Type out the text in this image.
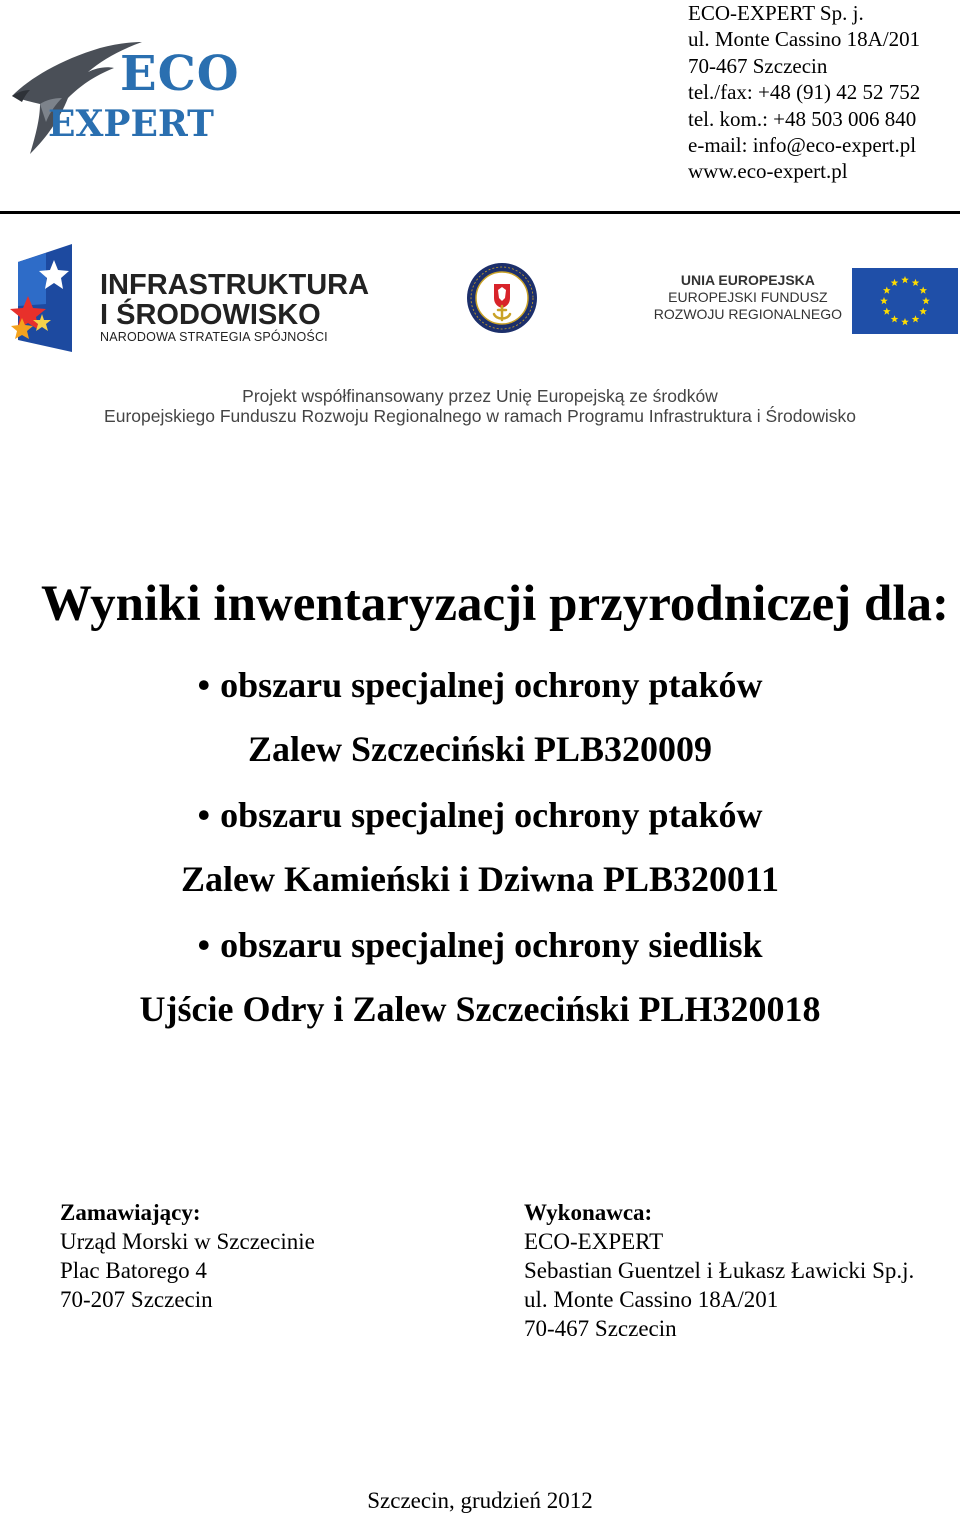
ECO
EXPERT
ECO-EXPERT Sp. j.
ul. Monte Cassino 18A/201
70-467 Szczecin
tel./fax: +48 (91) 42 52 752
tel. kom.: +48 503 006 840
e-mail: info@eco-expert.pl
www.eco-expert.pl
INFRASTRUKTURA
I ŚRODOWISKO
NARODOWA STRATEGIA SPÓJNOŚCI
UNIA EUROPEJSKA
EUROPEJSKI FUNDUSZ
ROZWOJU REGIONALNEGO
Projekt współfinansowany przez Unię Europejską ze środków
Europejskiego Funduszu Rozwoju Regionalnego w ramach Programu Infrastruktura i Środowisko
Wyniki inwentaryzacji przyrodniczej dla:
• obszaru specjalnej ochrony ptaków
Zalew Szczeciński PLB320009
• obszaru specjalnej ochrony ptaków
Zalew Kamieński i Dziwna PLB320011
• obszaru specjalnej ochrony siedlisk
Ujście Odry i Zalew Szczeciński PLH320018
Zamawiający:
Urząd Morski w Szczecinie
Plac Batorego 4
70-207 Szczecin
Wykonawca:
ECO-EXPERT
Sebastian Guentzel i Łukasz Ławicki Sp.j.
ul. Monte Cassino 18A/201
70-467 Szczecin
Szczecin, grudzień 2012
